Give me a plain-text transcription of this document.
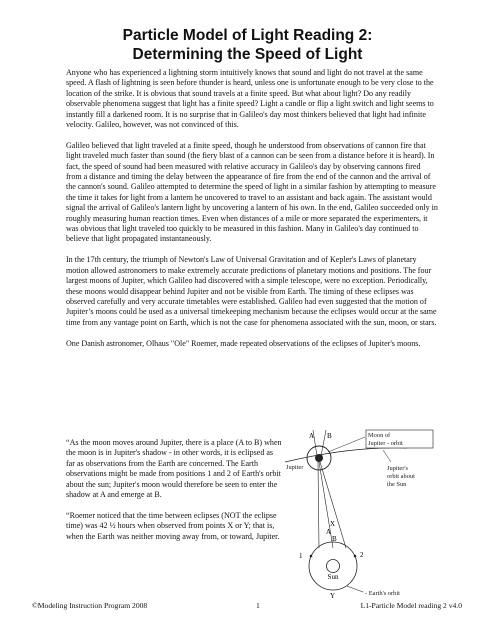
Particle Model of Light Reading 2:
Determining the Speed of Light

Anyone who has experienced a lightning storm intuitively knows that sound and light do not travel at the same speed. A flash of lightning is seen before thunder is heard, unless one is unfortunate enough to be very close to the location of the strike. It is obvious that sound travels at a finite speed. But what about light? Do any readily observable phenomena suggest that light has a finite speed? Light a candle or flip a light switch and light seems to instantly fill a darkened room. It is no surprise that in Galileo's day most thinkers believed that light had infinite velocity. Galileo, however, was not convinced of this.

Galileo believed that light traveled at a finite speed, though he understood from observations of cannon fire that light traveled much faster than sound (the fiery blast of a cannon can be seen from a distance before it is heard). In fact, the speed of sound had been measured with relative accuracy in Galileo's day by observing cannons fired from a distance and timing the delay between the appearance of fire from the end of the cannon and the arrival of the cannon's sound. Galileo attempted to determine the speed of light in a similar fashion by attempting to measure the time it takes for light from a lantern he uncovered to travel to an assistant and back again. The assistant would signal the arrival of Galileo's lantern light by uncovering a lantern of his own. In the end, Galileo succeeded only in roughly measuring human reaction times. Even when distances of a mile or more separated the experimenters, it was obvious that light traveled too quickly to be measured in this fashion. Many in Galileo's day continued to believe that light propagated instantaneously.

In the 17th century, the triumph of Newton's Law of Universal Gravitation and of Kepler's Laws of planetary motion allowed astronomers to make extremely accurate predictions of planetary motions and positions. The four largest moons of Jupiter, which Galileo had discovered with a simple telescope, were no exception. Periodically, these moons would disappear behind Jupiter and not be visible from Earth. The timing of these eclipses was observed carefully and very accurate timetables were established. Galileo had even suggested that the motion of Jupiter’s moons could be used as a universal timekeeping mechanism because the eclipses would occur at the same time from any vantage point on Earth, which is not the case for phenomena associated with the sun, moon, or stars.

One Danish astronomer, Olhaus "Ole" Roemer, made repeated observations of the eclipses of Jupiter's moons.

“As the moon moves around Jupiter, there is a place (A to B) when the moon is in Jupiter's shadow - in other words, it is eclipsed as far as observations from the Earth are concerned. The Earth observations might be made from positions 1 and 2 of Earth's orbit about the sun; Jupiter's moon would therefore be seen to enter the shadow at A and emerge at B.

“Roemer noticed that the time between eclipses (NOT the eclipse time) was 42 ½ hours when observed from points X or Y; that is, when the Earth was neither moving away from, or toward, Jupiter.

A B	Moon of
Jupiter - orbit
Jupiter	Jupiter's
orbit about
the Sun
A
B
X
1	2
Sun
Y	- Earth's orbit
©Modeling Instruction Program 2008	1	L1-Particle Model reading 2 v4.0
